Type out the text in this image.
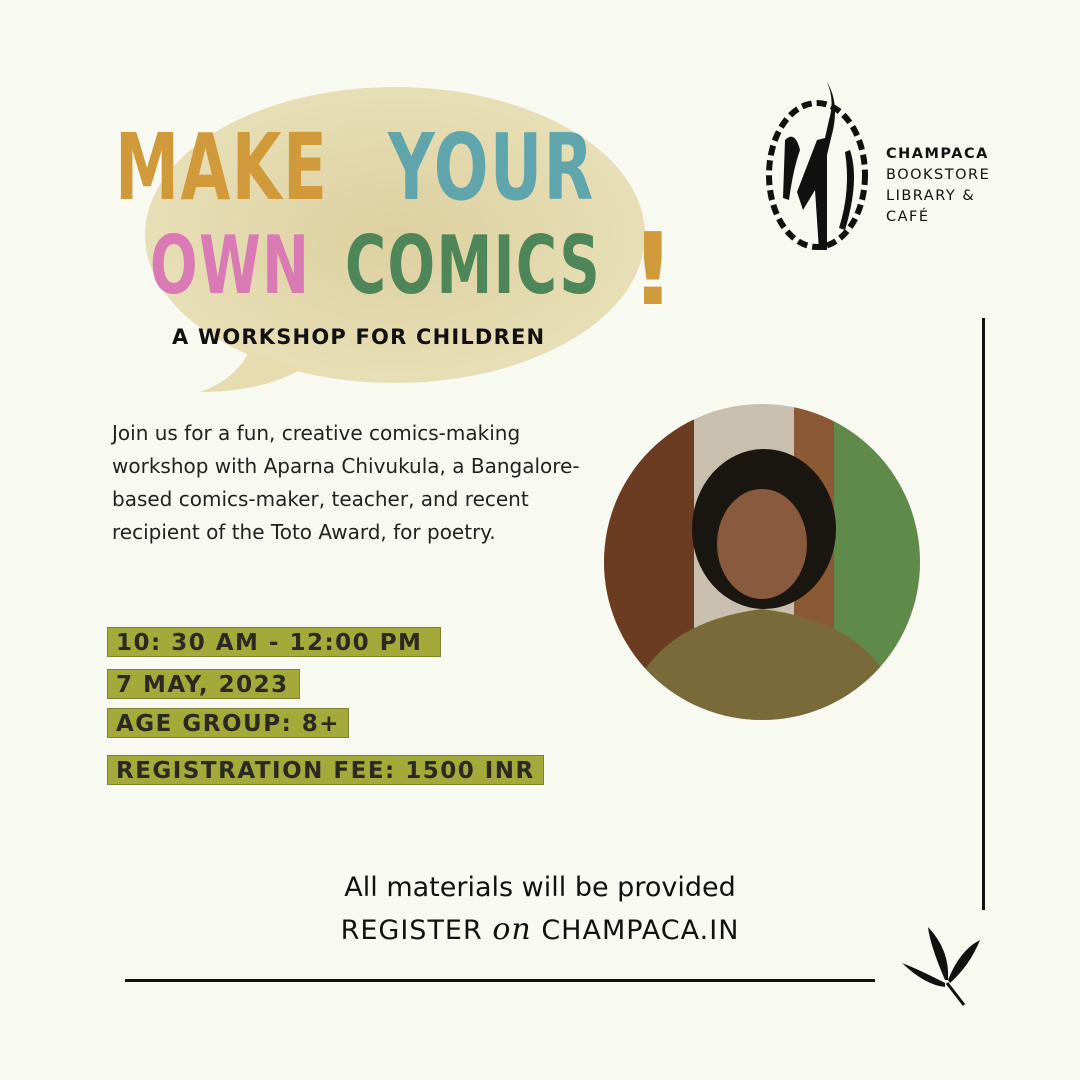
MAKE YOUR
OWN COMICS !
A WORKSHOP FOR CHILDREN
CHAMPACA
BOOKSTORE
LIBRARY &
CAFÉ
Join us for a fun, creative comics-making workshop with Aparna Chivukula, a Bangalore-based comics-maker, teacher, and recent recipient of the Toto Award, for poetry.
10: 30 AM - 12:00 PM
7 MAY, 2023
AGE GROUP: 8+
REGISTRATION FEE: 1500 INR
All materials will be provided
REGISTER on CHAMPACA.IN
